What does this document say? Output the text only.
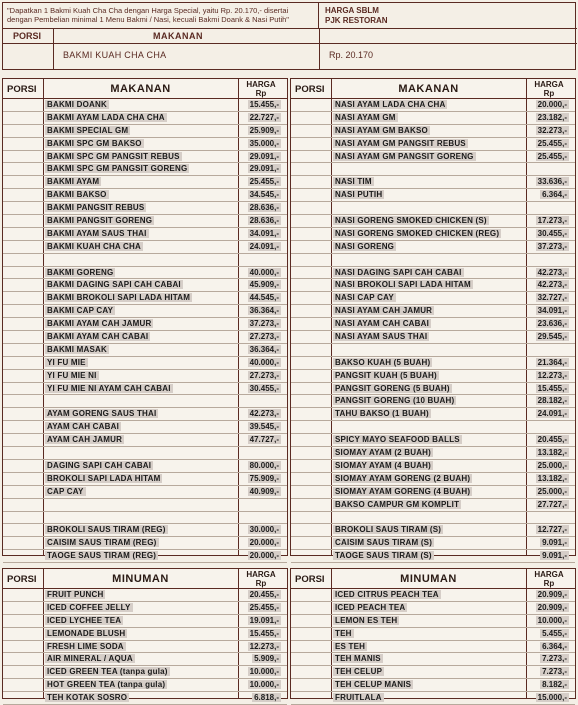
"Dapatkan 1 Bakmi Kuah Cha Cha dengan Harga Special, yaitu Rp. 20.170,- disertai
dengan Pembelian minimal 1 Menu Bakmi / Nasi, kecuali Bakmi Doank & Nasi Putih"
HARGA SBLM
PJK RESTORAN
PORSI	MAKANAN
BAKMI KUAH CHA CHA	Rp. 20.170
PORSI	MAKANAN	HARGA
Rp
BAKMI DOANK	15.455,-
BAKMI AYAM LADA CHA CHA	22.727,-
BAKMI SPECIAL GM	25.909,-
BAKMI SPC GM BAKSO	35.000,-
BAKMI SPC GM PANGSIT REBUS	29.091,-
BAKMI SPC GM PANGSIT GORENG	29.091,-
BAKMI AYAM	25.455,-
BAKMI BAKSO	34.545,-
BAKMI PANGSIT REBUS	28.636,-
BAKMI PANGSIT GORENG	28.636,-
BAKMI AYAM SAUS THAI	34.091,-
BAKMI KUAH CHA CHA	24.091,-
BAKMI GORENG	40.000,-
BAKMI DAGING SAPI CAH CABAI	45.909,-
BAKMI BROKOLI SAPI LADA HITAM	44.545,-
BAKMI CAP CAY	36.364,-
BAKMI AYAM CAH JAMUR	37.273,-
BAKMI AYAM CAH CABAI	27.273,-
BAKMI MASAK	36.364,-
YI FU MIE	40.000,-
YI FU MIE NI	27.273,-
YI FU MIE NI AYAM CAH CABAI	30.455,-
AYAM GORENG SAUS THAI	42.273,-
AYAM CAH CABAI	39.545,-
AYAM CAH JAMUR	47.727,-
DAGING SAPI CAH CABAI	80.000,-
BROKOLI SAPI LADA HITAM	75.909,-
CAP CAY	40.909,-
BROKOLI SAUS TIRAM (REG)	30.000,-
CAISIM SAUS TIRAM (REG)	20.000,-
TAOGE SAUS TIRAM (REG)	20.000,-
PORSI	MAKANAN	HARGA
Rp
NASI AYAM LADA CHA CHA	20.000,-
NASI AYAM GM	23.182,-
NASI AYAM GM BAKSO	32.273,-
NASI AYAM GM PANGSIT REBUS	25.455,-
NASI AYAM GM PANGSIT GORENG	25.455,-
NASI TIM	33.636,-
NASI PUTIH	6.364,-
NASI GORENG SMOKED CHICKEN (S)	17.273,-
NASI GORENG SMOKED CHICKEN (REG)	30.455,-
NASI GORENG	37.273,-
NASI DAGING SAPI CAH CABAI	42.273,-
NASI BROKOLI SAPI LADA HITAM	42.273,-
NASI CAP CAY	32.727,-
NASI AYAM CAH JAMUR	34.091,-
NASI AYAM CAH CABAI	23.636,-
NASI AYAM SAUS THAI	29.545,-
BAKSO KUAH (5 BUAH)	21.364,-
PANGSIT KUAH (5 BUAH)	12.273,-
PANGSIT GORENG (5 BUAH)	15.455,-
PANGSIT GORENG (10 BUAH)	28.182,-
TAHU BAKSO (1 BUAH)	24.091,-
SPICY MAYO SEAFOOD BALLS	20.455,-
SIOMAY AYAM (2 BUAH)	13.182,-
SIOMAY AYAM (4 BUAH)	25.000,-
SIOMAY AYAM GORENG (2 BUAH)	13.182,-
SIOMAY AYAM GORENG (4 BUAH)	25.000,-
BAKSO CAMPUR GM KOMPLIT	27.727,-
BROKOLI SAUS TIRAM (S)	12.727,-
CAISIM SAUS TIRAM (S)	9.091,-
TAOGE SAUS TIRAM (S)	9.091,-
PORSI	MINUMAN	HARGA
Rp
FRUIT PUNCH	20.455,-
ICED COFFEE JELLY	25.455,-
ICED LYCHEE TEA	19.091,-
LEMONADE BLUSH	15.455,-
FRESH LIME SODA	12.273,-
AIR MINERAL / AQUA	5.909,-
ICED GREEN TEA (tanpa gula)	10.000,-
HOT GREEN TEA (tanpa gula)	10.000,-
TEH KOTAK SOSRO	6.818,-
PORSI	MINUMAN	HARGA
Rp
ICED CITRUS PEACH TEA	20.909,-
ICED PEACH TEA	20.909,-
LEMON ES TEH	10.000,-
TEH	5.455,-
ES TEH	6.364,-
TEH MANIS	7.273,-
TEH CELUP	7.273,-
TEH CELUP MANIS	8.182,-
FRUITLALA	15.000,-
